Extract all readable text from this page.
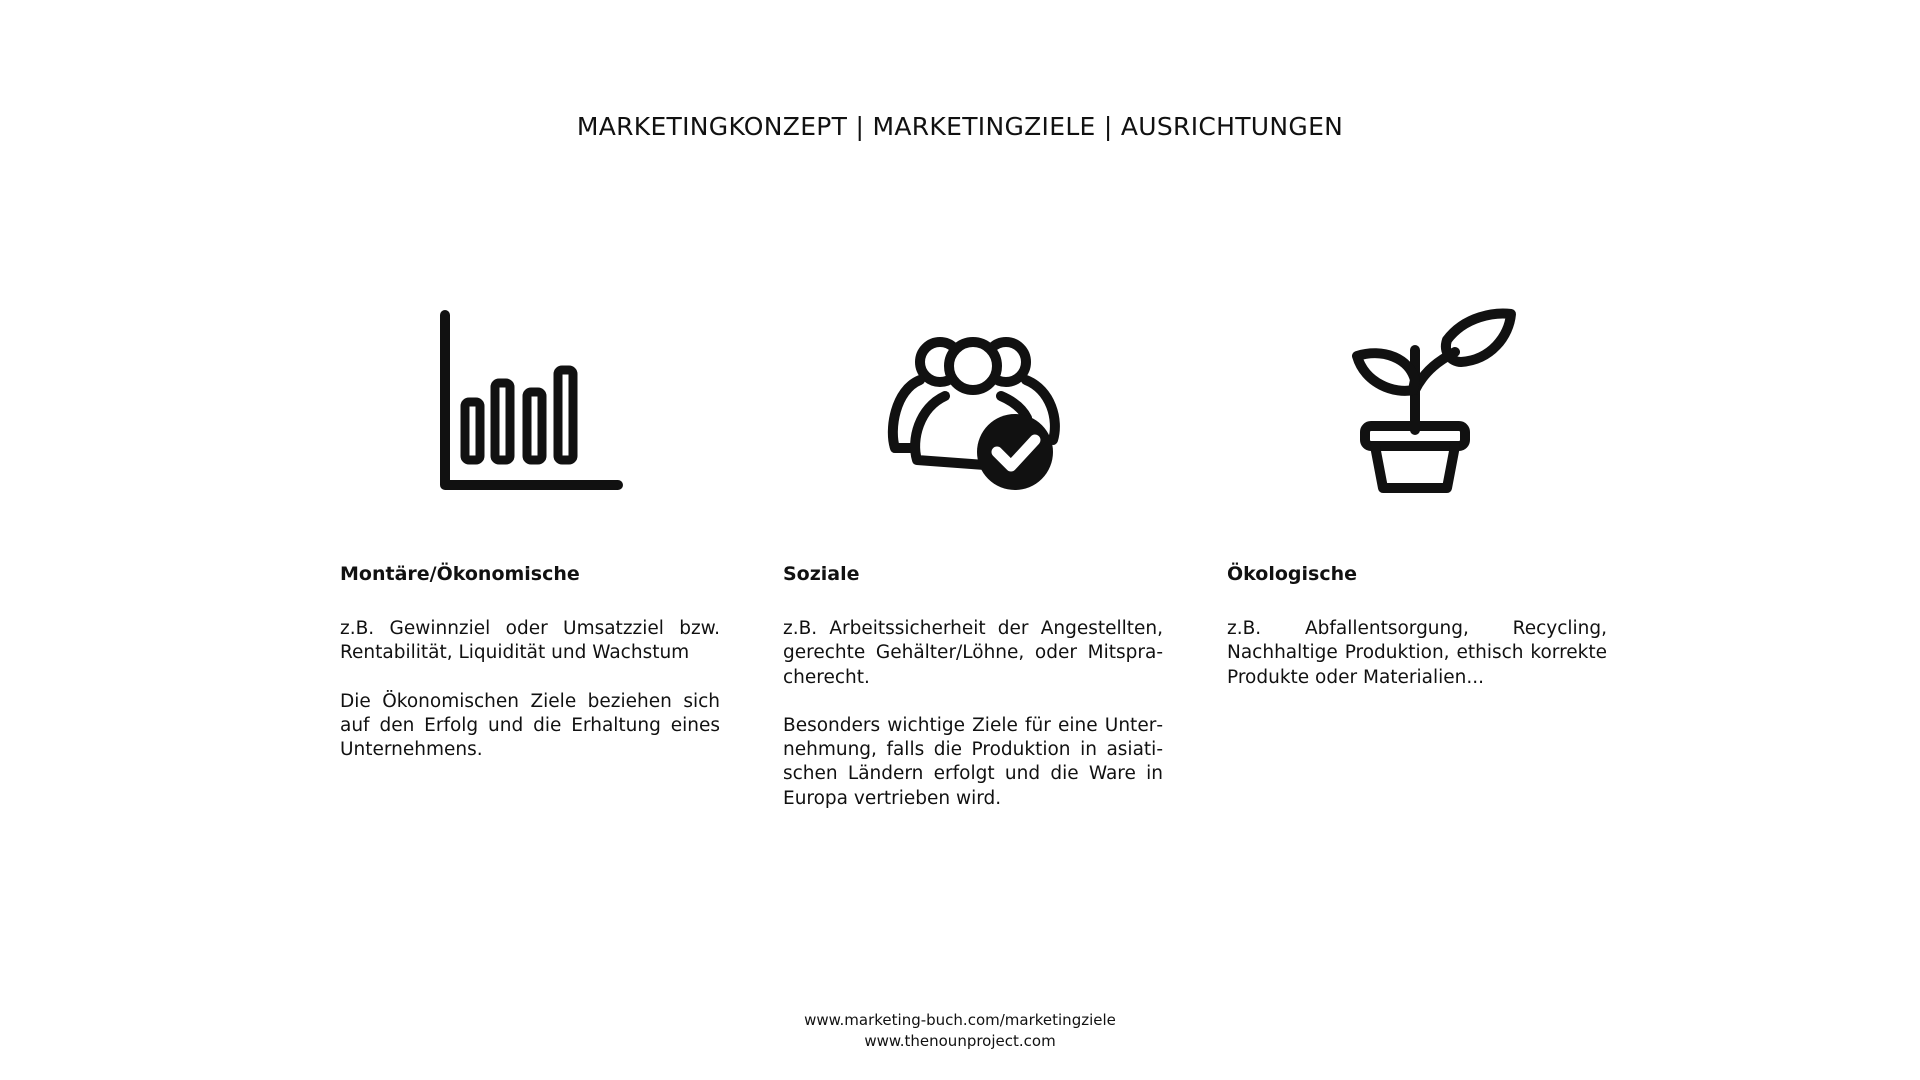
MARKETINGKONZEPT | MARKETINGZIELE | AUSRICHTUNGEN

Montäre/Ökonomische

z.B. Gewinnziel oder Umsatzziel bzw. Rentabilität, Liquidität und Wachstum

Die Ökonomischen Ziele beziehen sich auf den Erfolg und die Erhaltung eines Unternehmens.

Soziale

z.B. Arbeitssicherheit der Angestellten, gerechte Gehälter/Löhne, oder Mitspracherecht.

Besonders wichtige Ziele für eine Unternehmung, falls die Produktion in asiatischen Ländern erfolgt und die Ware in Europa vertrieben wird.

Ökologische

z.B. Abfallentsorgung, Recycling, Nachhaltige Produktion, ethisch korrekte Produkte oder Materialien...

www.marketing-buch.com/marketingziele
www.thenounproject.com
